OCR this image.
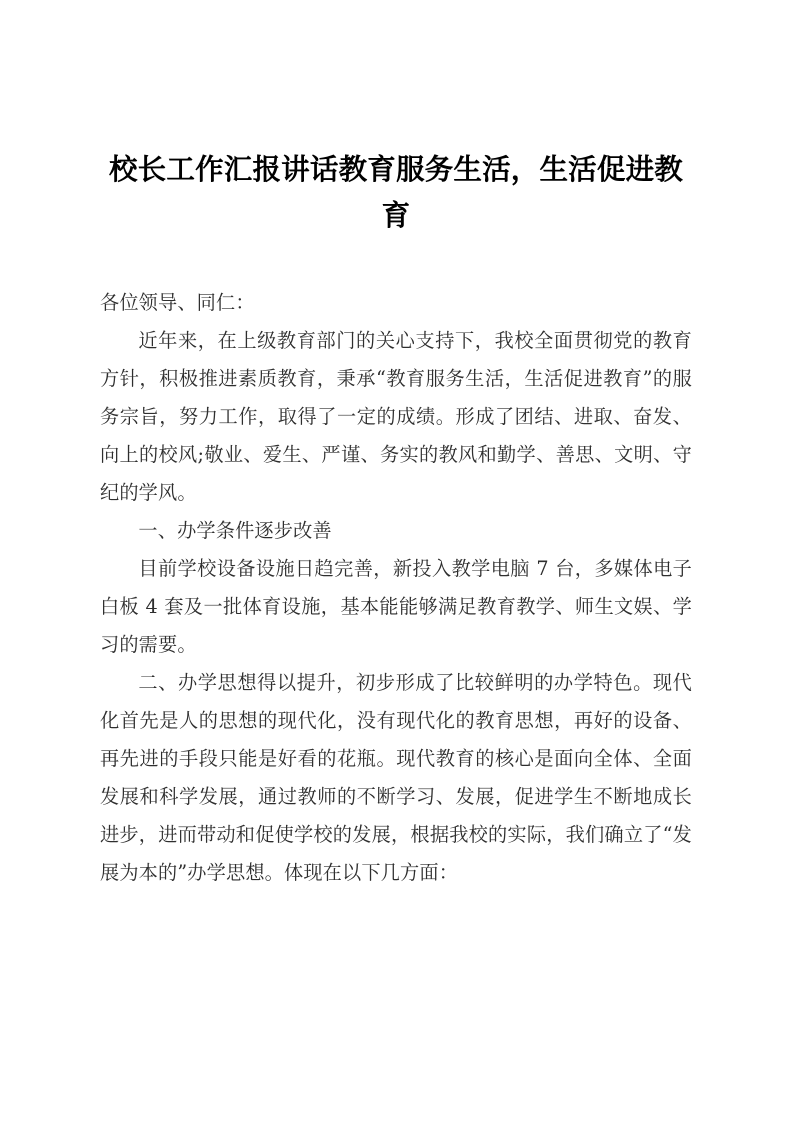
校长工作汇报讲话教育服务生活，生活促进教育

各位领导、同仁：

近年来，在上级教育部门的关心支持下，我校全面贯彻党的教育方针，积极推进素质教育，秉承“教育服务生活，生活促进教育”的服务宗旨，努力工作，取得了一定的成绩。形成了团结、进取、奋发、向上的校风;敬业、爱生、严谨、务实的教风和勤学、善思、文明、守纪的学风。

一、办学条件逐步改善

目前学校设备设施日趋完善，新投入教学电脑 7 台，多媒体电子白板 4 套及一批体育设施，基本能能够满足教育教学、师生文娱、学习的需要。

二、办学思想得以提升，初步形成了比较鲜明的办学特色。现代化首先是人的思想的现代化，没有现代化的教育思想，再好的设备、再先进的手段只能是好看的花瓶。现代教育的核心是面向全体、全面发展和科学发展，通过教师的不断学习、发展，促进学生不断地成长进步，进而带动和促使学校的发展，根据我校的实际，我们确立了“发展为本的”办学思想。体现在以下几方面：
